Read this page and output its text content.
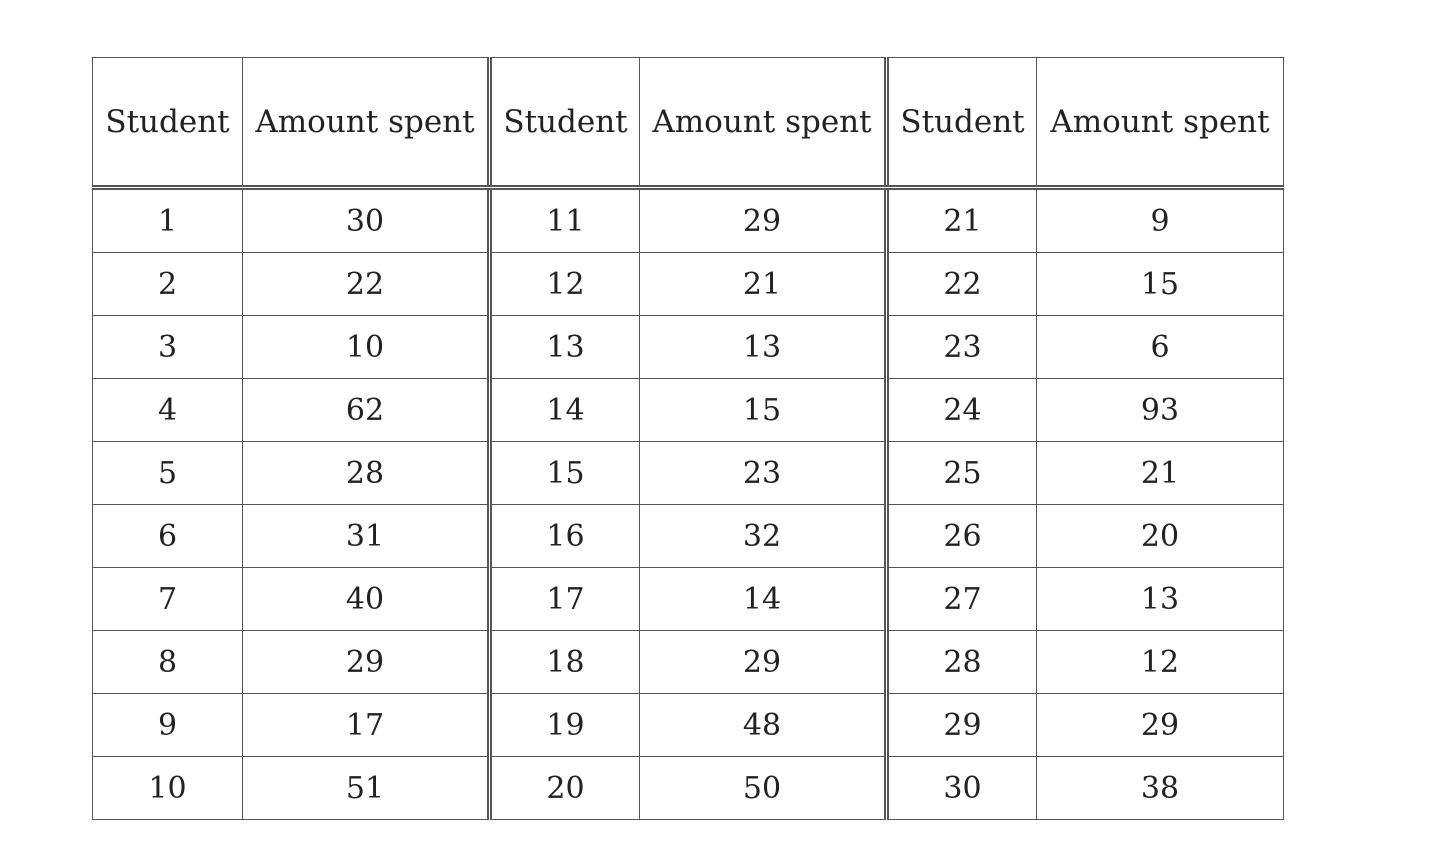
Student	Amount spent	Student	Amount spent	Student	Amount spent
1	30	11	29	21	9
2	22	12	21	22	15
3	10	13	13	23	6
4	62	14	15	24	93
5	28	15	23	25	21
6	31	16	32	26	20
7	40	17	14	27	13
8	29	18	29	28	12
9	17	19	48	29	29
10	51	20	50	30	38
